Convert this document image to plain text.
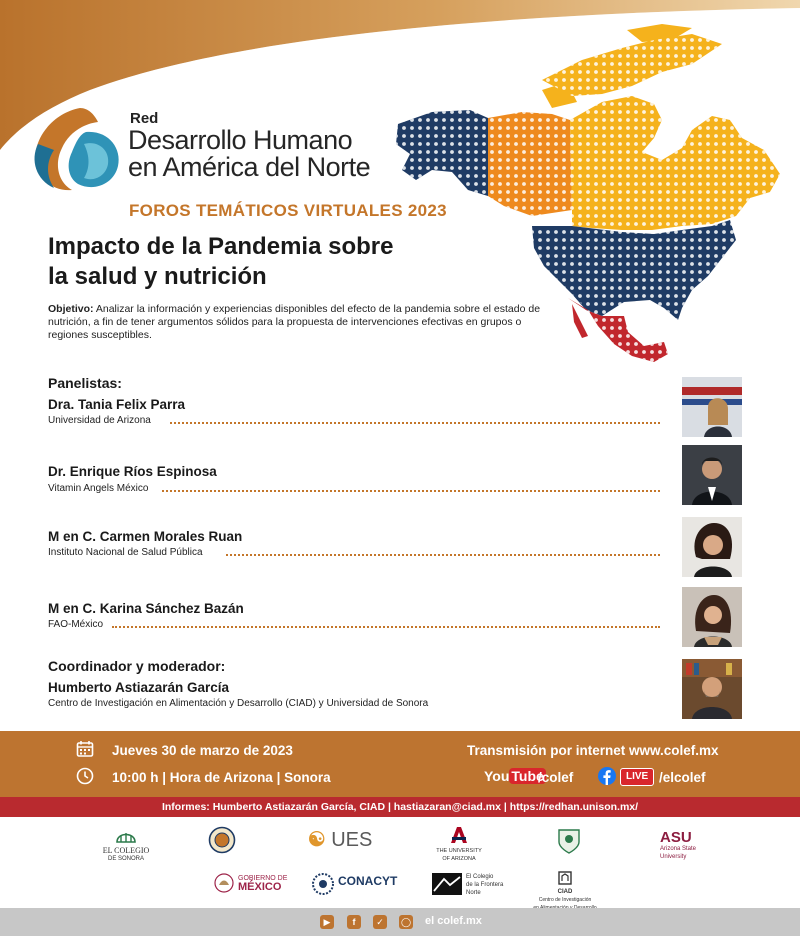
Red
Desarrollo Humano
en América del Norte
FOROS TEMÁTICOS VIRTUALES 2023
Impacto de la Pandemia sobre
la salud y nutrición
Objetivo: Analizar la información y experiencias disponibles del efecto de la pandemia sobre el estado de nutrición, a fin de tener argumentos sólidos para la propuesta de intervenciones efectivas en grupos o regiones susceptibles.
Panelistas:
Dra. Tania Felix Parra
Universidad de Arizona
Dr. Enrique Ríos Espinosa
Vitamin Angels México
M en C. Carmen Morales Ruan
Instituto Nacional de Salud Pública
M en C. Karina Sánchez Bazán
FAO-México
Coordinador y moderador:
Humberto Astiazarán García
Centro de Investigación en Alimentación y Desarrollo (CIAD) y Universidad de Sonora
Jueves 30 de marzo de 2023
10:00 h | Hora de Arizona | Sonora
Transmisión por internet www.colef.mx
You Tube
/colef	LIVE /elcolef
Informes: Humberto Astiazarán García, CIAD | hastiazaran@ciad.mx | https://redhan.unison.mx/
EL COLEGIO
DE SONORA
☯ UES	THE UNIVERSITY
OF ARIZONA
ASU
Arizona State
University
GOBIERNO DE
MÉXICO	CONACYT	El Colegio
de la Frontera
Norte	CIAD
Centro de Investigación
▶	f	✓	◯ el colef.mx
